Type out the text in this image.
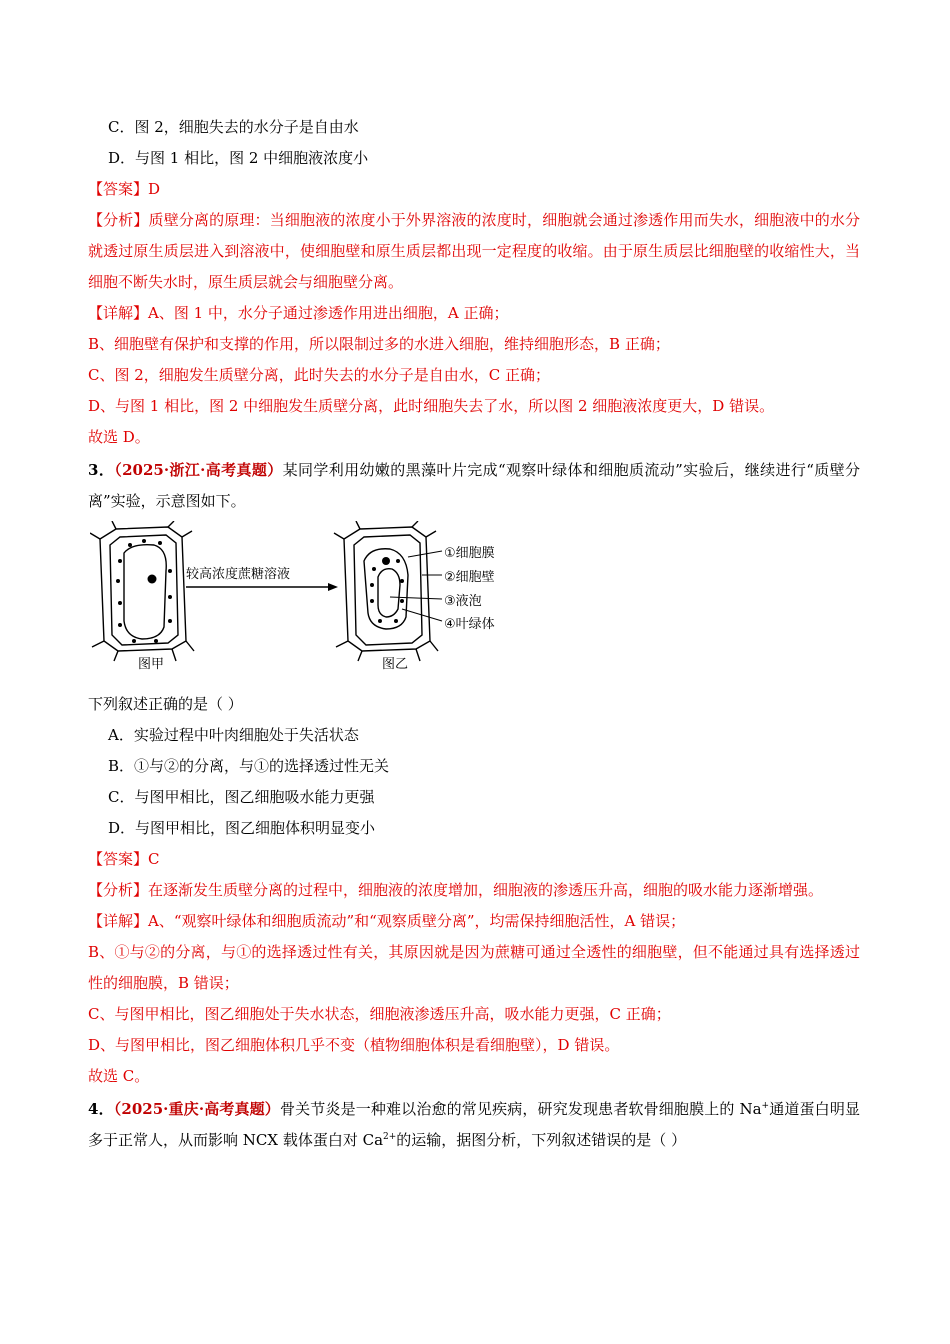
C．图 2，细胞失去的水分子是自由水
D．与图 1 相比，图 2 中细胞液浓度小
【答案】D
【分析】质壁分离的原理：当细胞液的浓度小于外界溶液的浓度时，细胞就会通过渗透作用而失水，细胞液中的水分就透过原生质层进入到溶液中，使细胞壁和原生质层都出现一定程度的收缩。由于原生质层比细胞壁的收缩性大，当细胞不断失水时，原生质层就会与细胞壁分离。
【详解】A、图 1 中，水分子通过渗透作用进出细胞，A 正确；
B、细胞壁有保护和支撑的作用，所以限制过多的水进入细胞，维持细胞形态，B 正确；
C、图 2，细胞发生质壁分离，此时失去的水分子是自由水，C 正确；
D、与图 1 相比，图 2 中细胞发生质壁分离，此时细胞失去了水，所以图 2 细胞液浓度更大，D 错误。
故选 D。
3．（2025·浙江·高考真题）某同学利用幼嫩的黑藻叶片完成“观察叶绿体和细胞质流动”实验后，继续进行“质壁分离”实验，示意图如下。
较高浓度蔗糖溶液
①细胞膜
②细胞壁
③液泡
④叶绿体
图甲	图乙
下列叙述正确的是（ ）
A．实验过程中叶肉细胞处于失活状态
B．①与②的分离，与①的选择透过性无关
C．与图甲相比，图乙细胞吸水能力更强
D．与图甲相比，图乙细胞体积明显变小
【答案】C
【分析】在逐渐发生质壁分离的过程中，细胞液的浓度增加，细胞液的渗透压升高，细胞的吸水能力逐渐增强。
【详解】A、“观察叶绿体和细胞质流动”和“观察质壁分离”，均需保持细胞活性，A 错误；
B、①与②的分离，与①的选择透过性有关，其原因就是因为蔗糖可通过全透性的细胞壁，但不能通过具有选择透过性的细胞膜，B 错误；
C、与图甲相比，图乙细胞处于失水状态，细胞液渗透压升高，吸水能力更强，C 正确；
D、与图甲相比，图乙细胞体积几乎不变（植物细胞体积是看细胞壁），D 错误。
故选 C。
4．（2025·重庆·高考真题）骨关节炎是一种难以治愈的常见疾病，研究发现患者软骨细胞膜上的 Na+通道蛋白明显多于正常人，从而影响 NCX 载体蛋白对 $Ca^{2+}$的运输，据图分析，下列叙述错误的是（ ）
